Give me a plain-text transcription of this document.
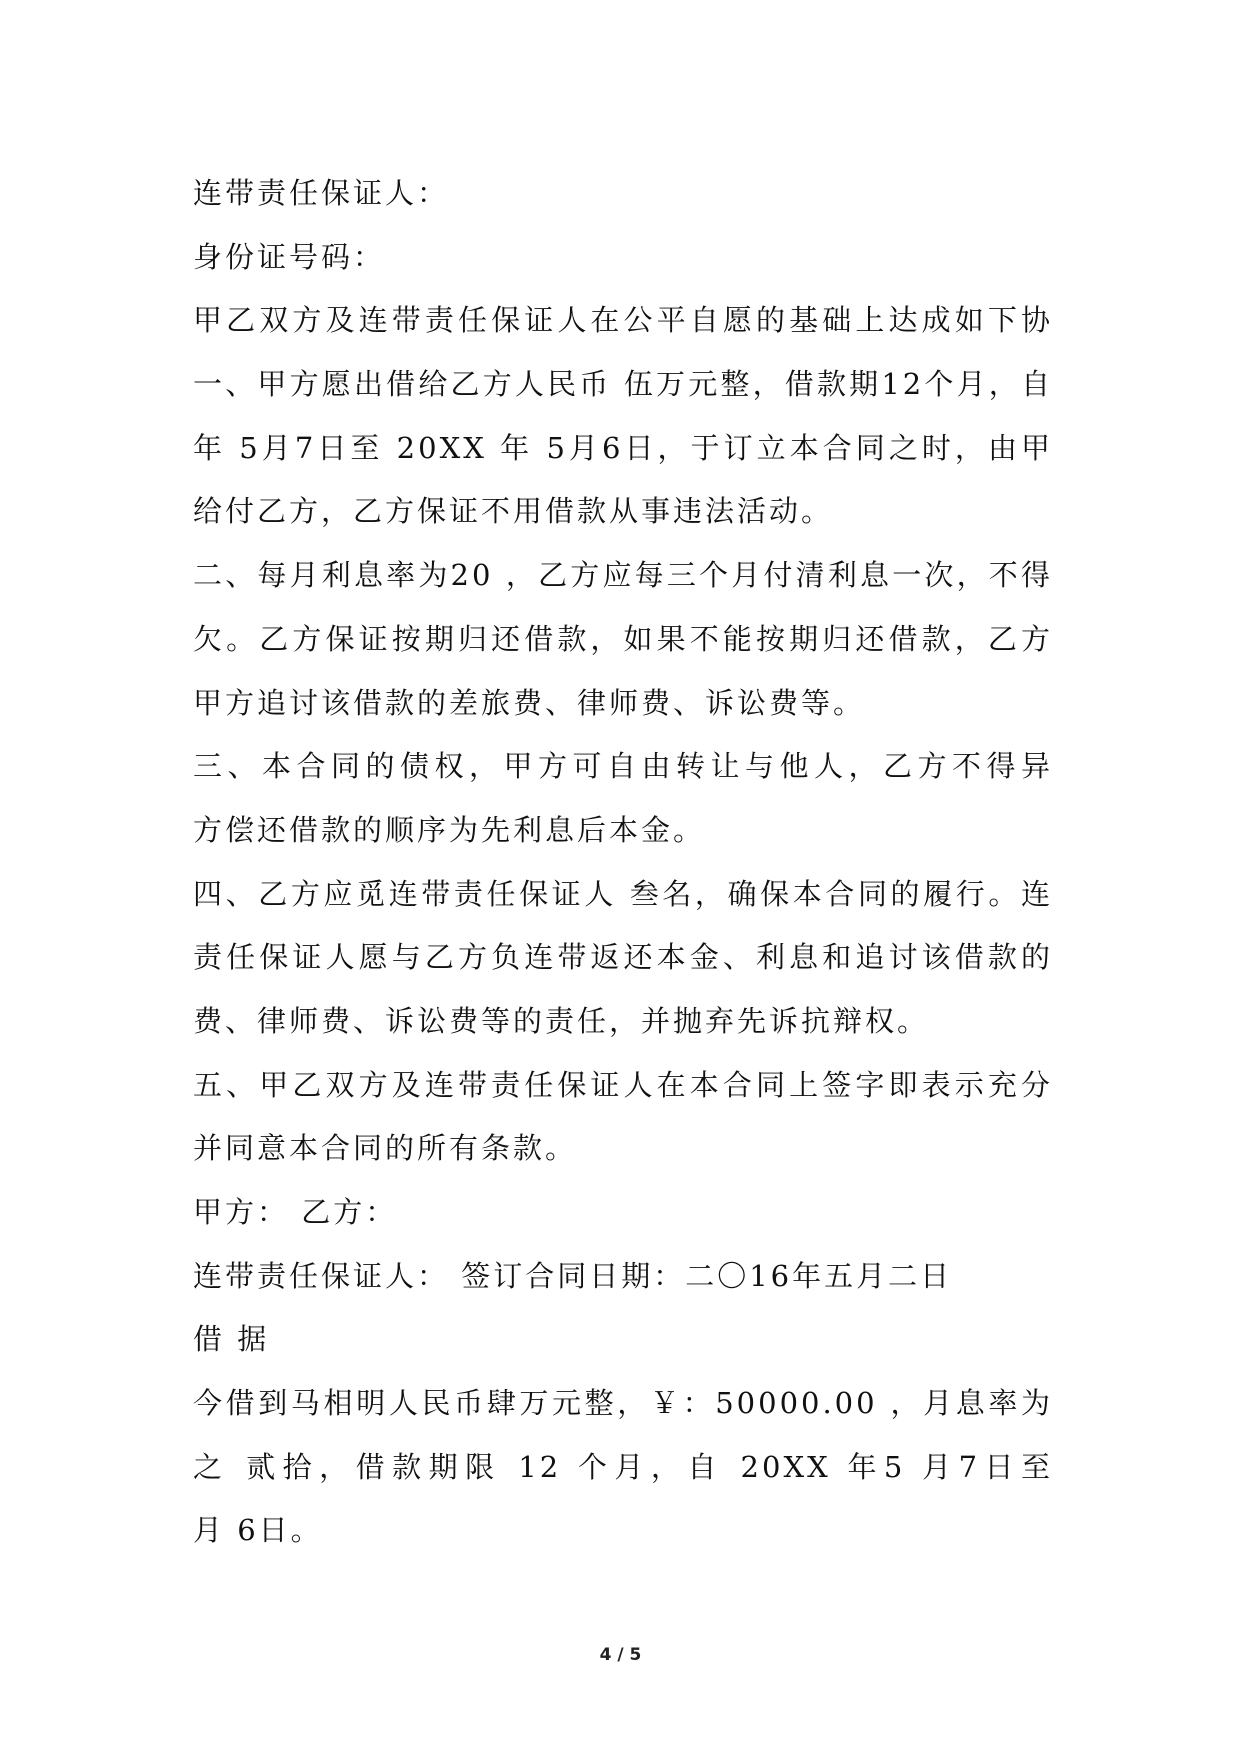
连带责任保证人：
身份证号码：
甲乙双方及连带责任保证人在公平自愿的基础上达成如下协
一、甲方愿出借给乙方人民币 伍万元整，借款期12个月，自
年 5月7日至 20XX 年 5月6日，于订立本合同之时，由甲
给付乙方，乙方保证不用借款从事违法活动。
二、每月利息率为20 ，乙方应每三个月付清利息一次，不得
欠。乙方保证按期归还借款，如果不能按期归还借款，乙方
甲方追讨该借款的差旅费、律师费、诉讼费等。
三、本合同的债权，甲方可自由转让与他人，乙方不得异
方偿还借款的顺序为先利息后本金。
四、乙方应觅连带责任保证人 叁名，确保本合同的履行。连
责任保证人愿与乙方负连带返还本金、利息和追讨该借款的
费、律师费、诉讼费等的责任，并抛弃先诉抗辩权。
五、甲乙双方及连带责任保证人在本合同上签字即表示充分
并同意本合同的所有条款。
甲方： 乙方：
连带责任保证人： 签订合同日期：二〇16年五月二日
借 据
今借到马相明人民币肆万元整，￥：50000.00 ，月息率为
之 贰拾，借款期限 12 个月，自 20XX 年5 月7日至
月 6日。
4 / 5
